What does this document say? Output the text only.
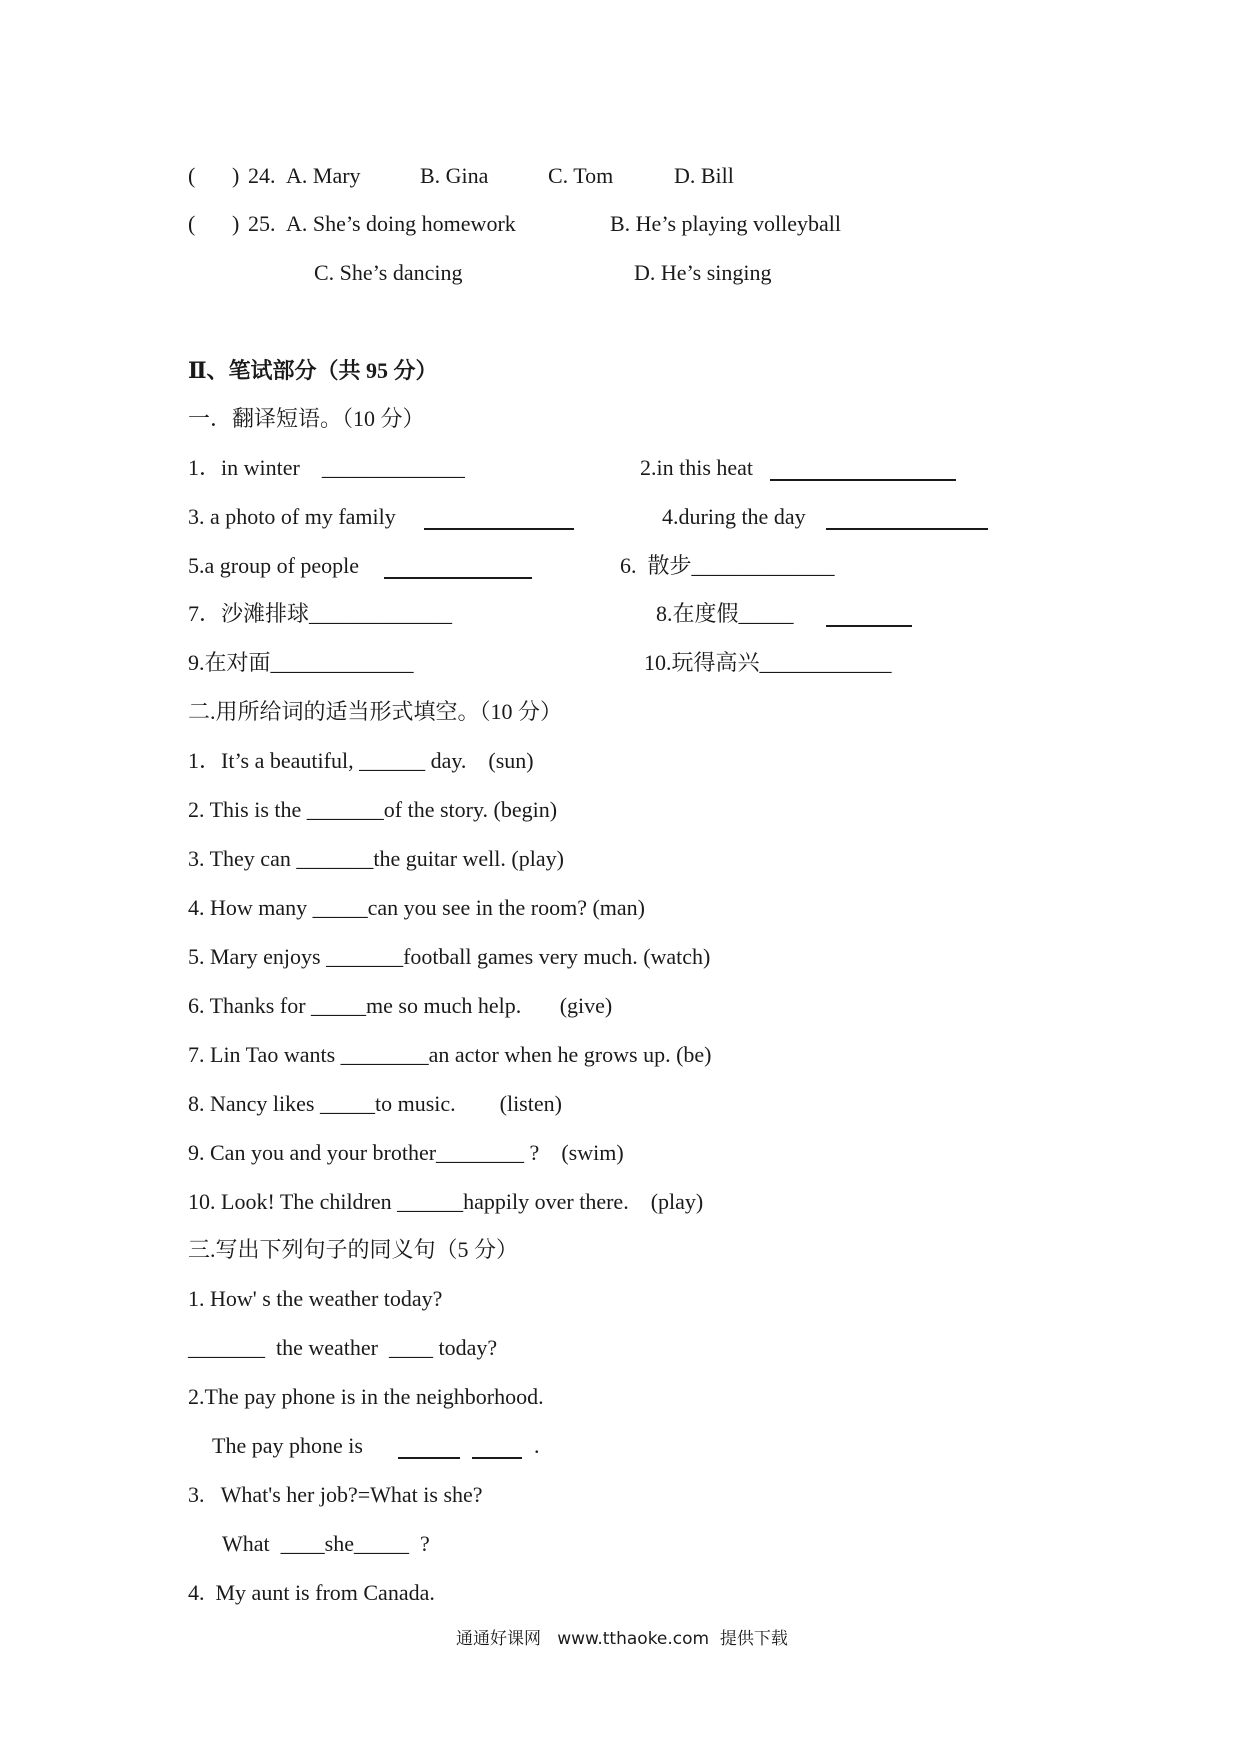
( ) 24. A. Mary	B. Gina	C. Tom	D. Bill
( ) 25. A. She’s doing homework	B. He’s playing volleyball
C. She’s dancing	D. He’s singing
Ⅱ、笔试部分（共 95 分）
一．翻译短语。（10 分）
1．in winter    _____________	2.in this heat
3. a photo of my family	4.during the day
5.a group of people	6.  散步_____________
7．沙滩排球_____________	8.在度假_____
9.在对面_____________	10.玩得高兴____________
二.用所给词的适当形式填空。（10 分）
1．It’s a beautiful, ______ day.    (sun)
2. This is the _______of the story. (begin)
3. They can _______the guitar well. (play)
4. How many _____can you see in the room? (man)
5. Mary enjoys _______football games very much. (watch)
6. Thanks for _____me so much help.       (give)
7. Lin Tao wants ________an actor when he grows up. (be)
8. Nancy likes _____to music.        (listen)
9. Can you and your brother________ ?    (swim)
10. Look! The children ______happily over there.    (play)
三.写出下列句子的同义句（5 分）
1. How' s the weather today?
_______  the weather  ____ today?
2.The pay phone is in the neighborhood.
The pay phone is	.
3.   What's her job?=What is she?
What  ____she_____  ?
4.  My aunt is from Canada.
通通好课网   www.tthaoke.com  提供下载
